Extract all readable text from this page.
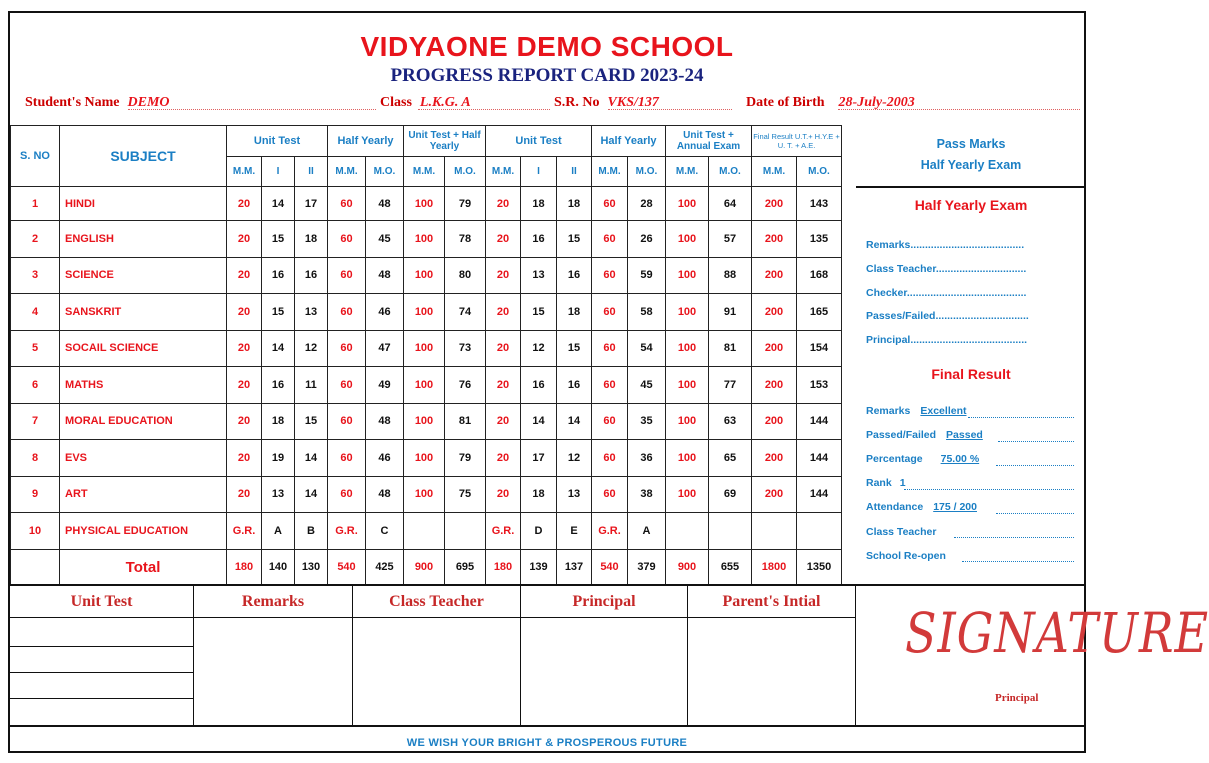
VIDYAONE DEMO SCHOOL
PROGRESS REPORT CARD 2023-24
Student's Name DEMO	Class L.K.G. A	S.R. No VKS/137	Date of Birth 28-July-2003
S. NO	SUBJECT	Unit Test			Half Yearly		Unit Test + Half Yearly		Unit Test			Half Yearly		Unit Test + Annual Exam		Final Result U.T.+ H.Y.E + U. T. + A.E.	
		M.M.	I	II	M.M.	M.O.	M.M.	M.O.	M.M.	I	II	M.M.	M.O.	M.M.	M.O.	M.M.	M.O.
1	HINDI	20	14	17	60	48	100	79	20	18	18	60	28	100	64	200	143
2	ENGLISH	20	15	18	60	45	100	78	20	16	15	60	26	100	57	200	135
3	SCIENCE	20	16	16	60	48	100	80	20	13	16	60	59	100	88	200	168
4	SANSKRIT	20	15	13	60	46	100	74	20	15	18	60	58	100	91	200	165
5	SOCAIL SCIENCE	20	14	12	60	47	100	73	20	12	15	60	54	100	81	200	154
6	MATHS	20	16	11	60	49	100	76	20	16	16	60	45	100	77	200	153
7	MORAL EDUCATION	20	18	15	60	48	100	81	20	14	14	60	35	100	63	200	144
8	EVS	20	19	14	60	46	100	79	20	17	12	60	36	100	65	200	144
9	ART	20	13	14	60	48	100	75	20	18	13	60	38	100	69	200	144
10	PHYSICAL EDUCATION	G.R.	A	B	G.R.	C			G.R.	D	E	G.R.	A				
	Total	180	140	130	540	425	900	695	180	139	137	540	379	900	655	1800	1350
Pass Marks
Half Yearly Exam
Half Yearly Exam
Remarks.......................................
Class Teacher...............................
Checker.........................................
Passes/Failed................................
Principal........................................
Final Result
Remarks Excellent
Passed/Failed Passed
Percentage 75.00 %
Rank 1
Attendance 175 / 200
Class Teacher
School Re-open
Unit Test	Remarks	Class Teacher	Principal	Parent's Intial
WE WISH YOUR BRIGHT & PROSPEROUS FUTURE
SIGNATURE
Principal
